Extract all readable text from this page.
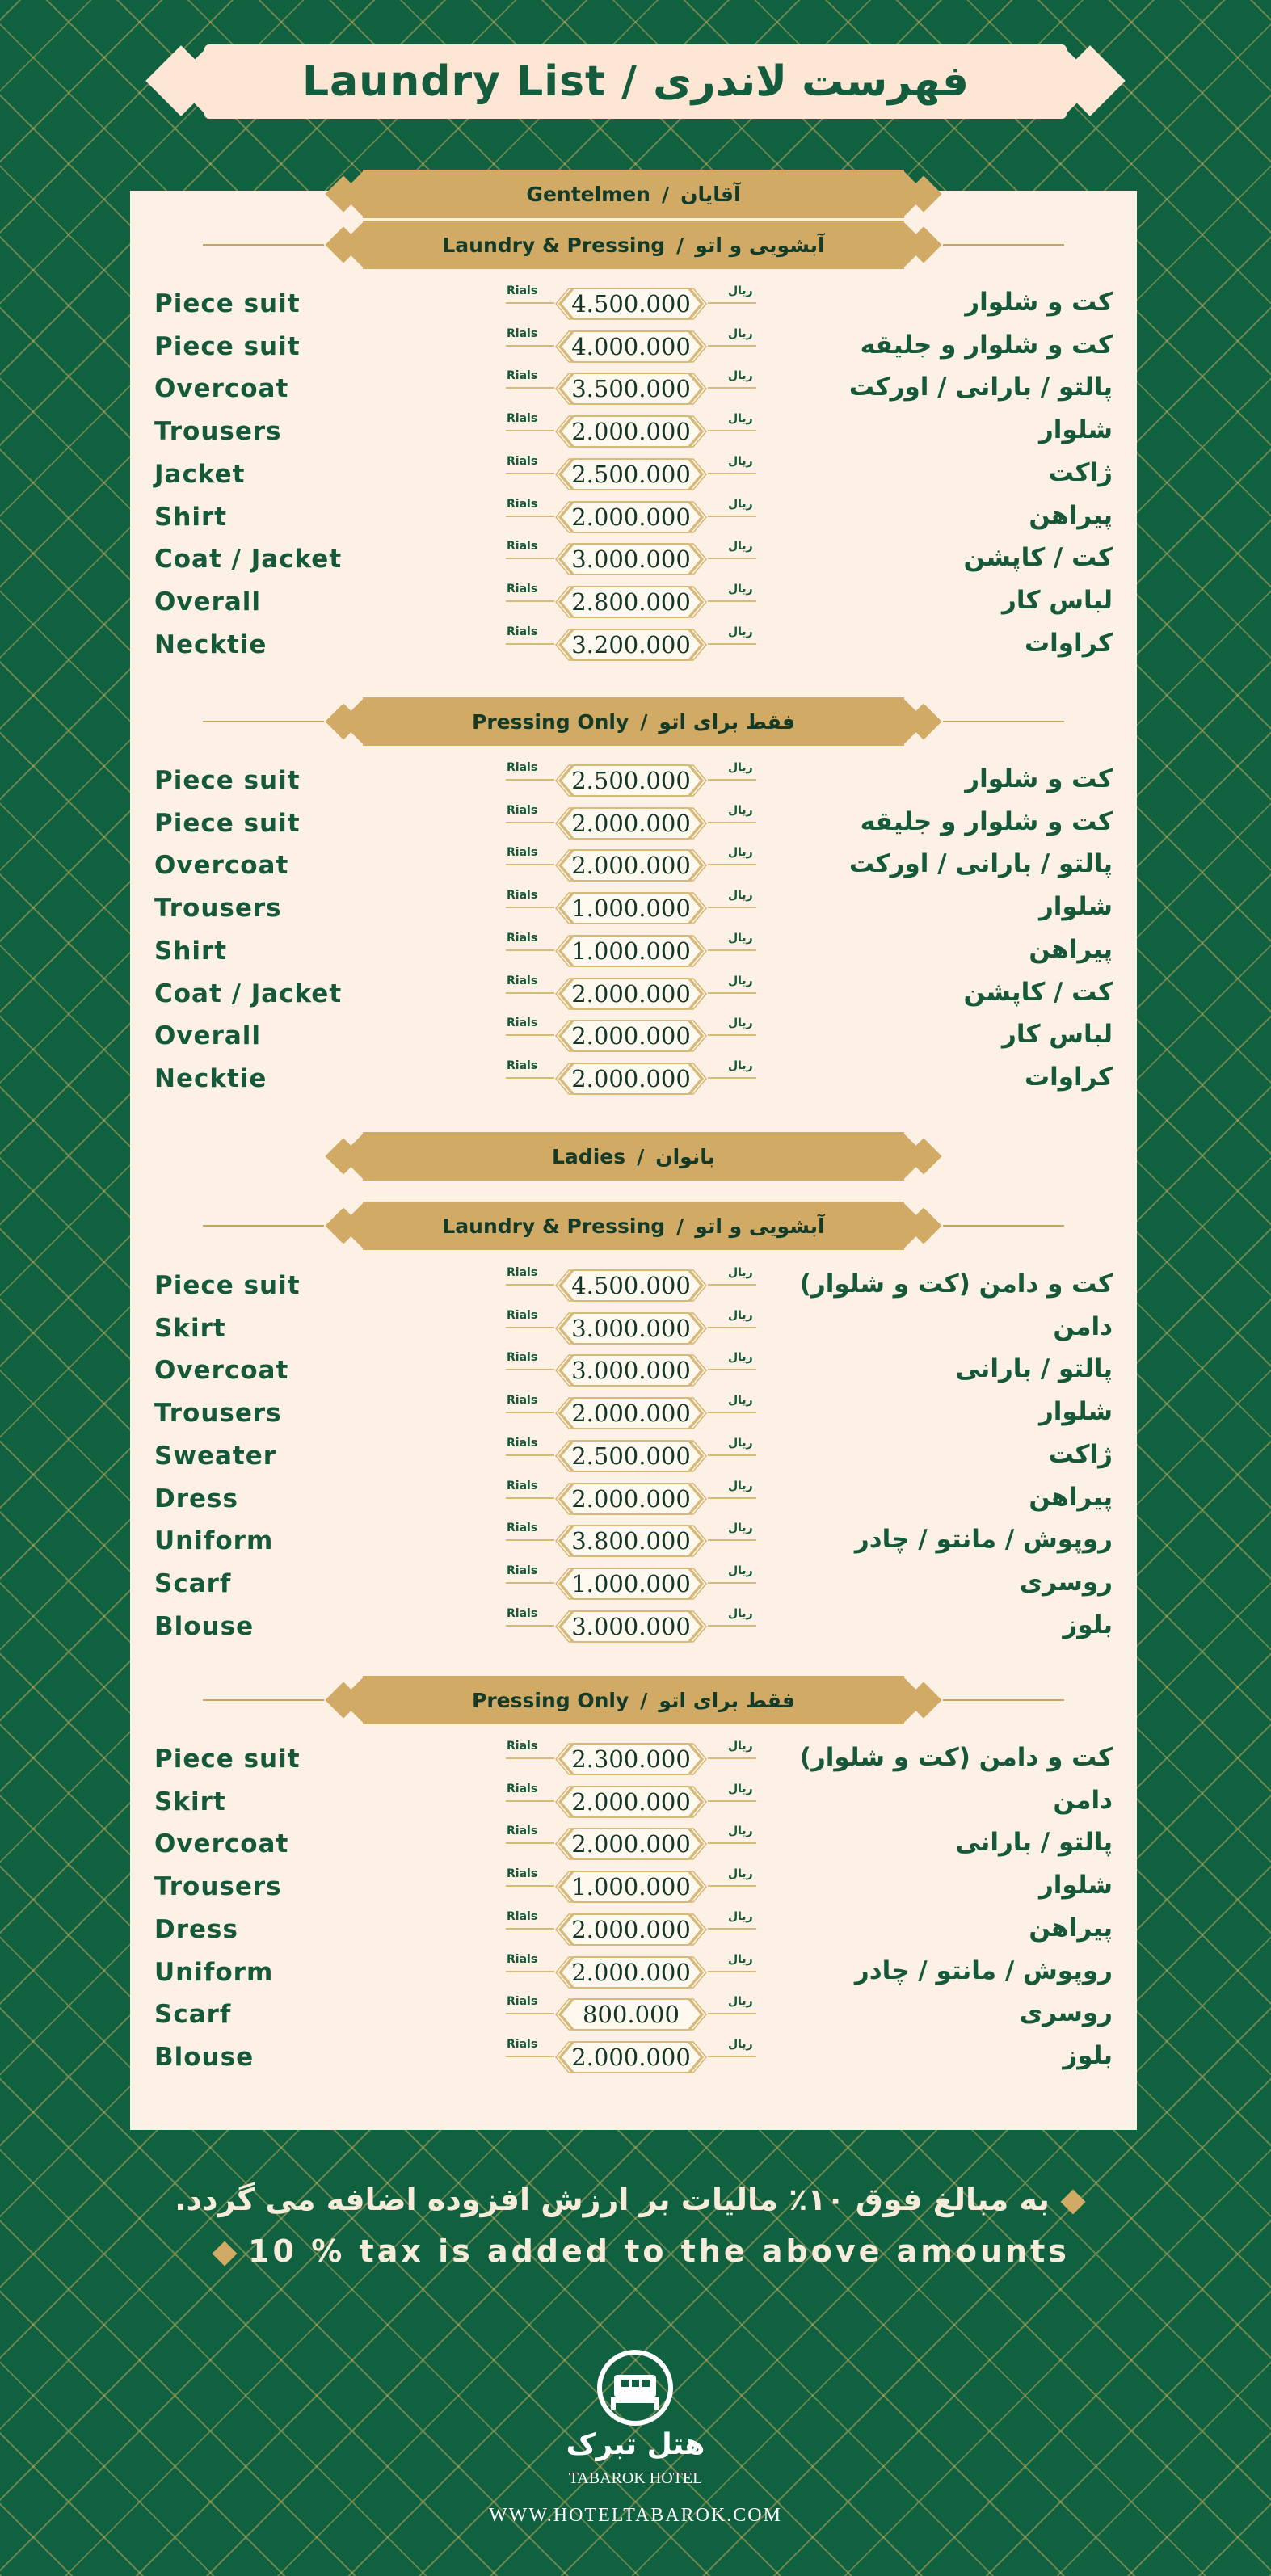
Laundry List / فهرست لاندری
Gentelmen / آقایان
Laundry & Pressing / آبشویی و اتو
Piece suit	Rials	4.500.000	ریال	کت و شلوار
Piece suit	Rials	4.000.000	ریال	کت و شلوار و جلیقه
Overcoat	Rials	3.500.000	ریال	پالتو / بارانی / اورکت
Trousers	Rials	2.000.000	ریال	شلوار
Jacket	Rials	2.500.000	ریال	ژاکت
Shirt	Rials	2.000.000	ریال	پیراهن
Coat / Jacket	Rials	3.000.000	ریال	کت / کاپشن
Overall	Rials	2.800.000	ریال	لباس کار
Necktie	Rials	3.200.000	ریال	کراوات
Pressing Only / فقط برای اتو
Piece suit	Rials	2.500.000	ریال	کت و شلوار
Piece suit	Rials	2.000.000	ریال	کت و شلوار و جلیقه
Overcoat	Rials	2.000.000	ریال	پالتو / بارانی / اورکت
Trousers	Rials	1.000.000	ریال	شلوار
Shirt	Rials	1.000.000	ریال	پیراهن
Coat / Jacket	Rials	2.000.000	ریال	کت / کاپشن
Overall	Rials	2.000.000	ریال	لباس کار
Necktie	Rials	2.000.000	ریال	کراوات
Ladies / بانوان
Laundry & Pressing / آبشویی و اتو
Piece suit	Rials	4.500.000	ریال کت و دامن (کت و شلوار)
Skirt	Rials	3.000.000	ریال	دامن
Overcoat	Rials	3.000.000	ریال	پالتو / بارانی
Trousers	Rials	2.000.000	ریال	شلوار
Sweater	Rials	2.500.000	ریال	ژاکت
Dress	Rials	2.000.000	ریال	پیراهن
Uniform	Rials	3.800.000	ریال	روپوش / مانتو / چادر
Scarf	Rials	1.000.000	ریال	روسری
Blouse	Rials	3.000.000	ریال	بلوز
Pressing Only / فقط برای اتو
Piece suit	Rials	2.300.000	ریال کت و دامن (کت و شلوار)
Skirt	Rials	2.000.000	ریال	دامن
Overcoat	Rials	2.000.000	ریال	پالتو / بارانی
Trousers	Rials	1.000.000	ریال	شلوار
Dress	Rials	2.000.000	ریال	پیراهن
Uniform	Rials	2.000.000	ریال	روپوش / مانتو / چادر
Scarf	Rials	800.000	ریال	روسری
Blouse	Rials	2.000.000	ریال	بلوز
به مبالغ فوق ۱۰٪ مالیات بر ارزش افزوده اضافه می گردد.
10 % tax is added to the above amounts
هتل تبرک
TABAROK HOTEL
WWW.HOTELTABAROK.COM
